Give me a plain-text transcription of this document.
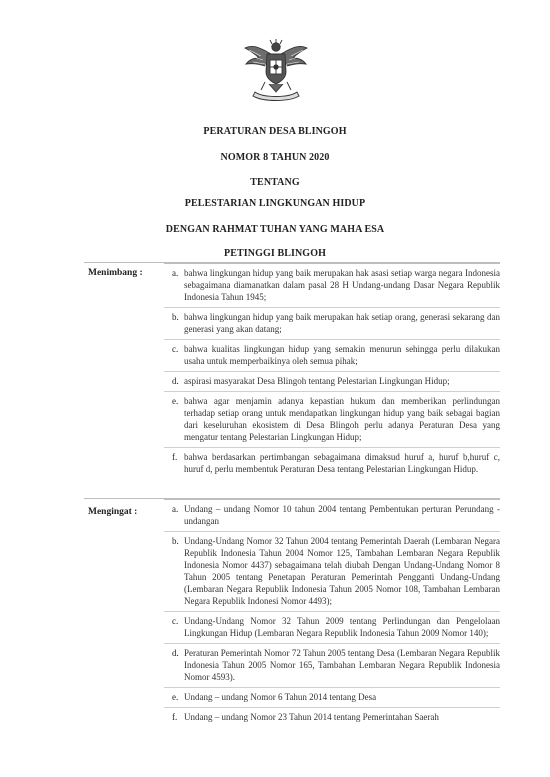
PERATURAN DESA BLINGOH
NOMOR 8 TAHUN 2020
TENTANG
PELESTARIAN LINGKUNGAN HIDUP
DENGAN RAHMAT TUHAN YANG MAHA ESA
PETINGGI BLINGOH
Menimbang :	a. bahwa lingkungan hidup yang baik merupakan hak asasi setiap warga negara Indonesia sebagaimana diamanatkan dalam pasal 28 H Undang-undang Dasar Negara Republik Indonesia Tahun 1945;
b. bahwa lingkungan hidup yang baik merupakan hak setiap orang, generasi sekarang dan generasi yang akan datang;
c. bahwa kualitas lingkungan hidup yang semakin menurun sehingga perlu dilakukan usaha untuk memperbaikinya oleh semua pihak;
d. aspirasi masyarakat Desa Blingoh tentang Pelestarian Lingkungan Hidup;
e. bahwa agar menjamin adanya kepastian hukum dan memberikan perlindungan terhadap setiap orang untuk mendapatkan lingkungan hidup yang baik sebagai bagian dari keseluruhan ekosistem di Desa Blingoh perlu adanya Peraturan Desa yang mengatur tentang Pelestarian Lingkungan Hidup;
f. bahwa berdasarkan pertimbangan sebagaimana dimaksud huruf a, huruf b,huruf c, huruf d, perlu membentuk Peraturan Desa tentang Pelestarian Lingkungan Hidup.
Mengingat :	a. Undang – undang Nomor 10 tahun 2004 tentang Pembentukan perturan Perundang - undangan
b. Undang-Undang Nomor 32 Tahun 2004 tentang Pemerintah Daerah (Lembaran Negara Republik Indonesia Tahun 2004 Nomor 125, Tambahan Lembaran Negara Republik Indonesia Nomor 4437) sebagaimana telah diubah Dengan Undang-Undang Nomor 8 Tahun 2005 tentang Penetapan Peraturan Pemerintah Pengganti Undang-Undang (Lembaran Negara Republik Indonesia Tahun 2005 Nomor 108, Tambahan Lembaran Negara Republik Indonesi Nomor 4493);
c. Undang-Undang Nomor 32 Tahun 2009 tentang Perlindungan dan Pengelolaan Lingkungan Hidup (Lembaran Negara Republik Indonesia Tahun 2009 Nomor 140);
d. Peraturan Pemerintah Nomor 72 Tahun 2005 tentang Desa (Lembaran Negara Republik Indonesia Tahun 2005 Nomor 165, Tambahan Lembaran Negara Republik Indonesia Nomor 4593).
e. Undang – undang Nomor 6 Tahun 2014 tentang Desa
f. Undang – undang Nomor 23 Tahun 2014 tentang Pemerintahan Saerah
